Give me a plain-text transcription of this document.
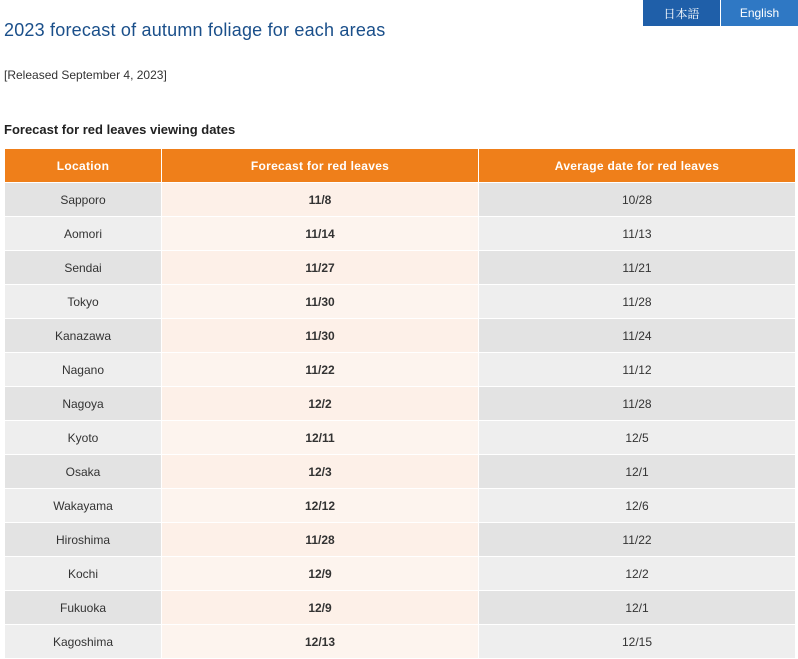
日本語	English
2023 forecast of autumn foliage for each areas
[Released September 4, 2023]
Forecast for red leaves viewing dates
Location	Forecast for red leaves	Average date for red leaves
Sapporo	11/8	10/28
Aomori	11/14	11/13
Sendai	11/27	11/21
Tokyo	11/30	11/28
Kanazawa	11/30	11/24
Nagano	11/22	11/12
Nagoya	12/2	11/28
Kyoto	12/11	12/5
Osaka	12/3	12/1
Wakayama	12/12	12/6
Hiroshima	11/28	11/22
Kochi	12/9	12/2
Fukuoka	12/9	12/1
Kagoshima	12/13	12/15
